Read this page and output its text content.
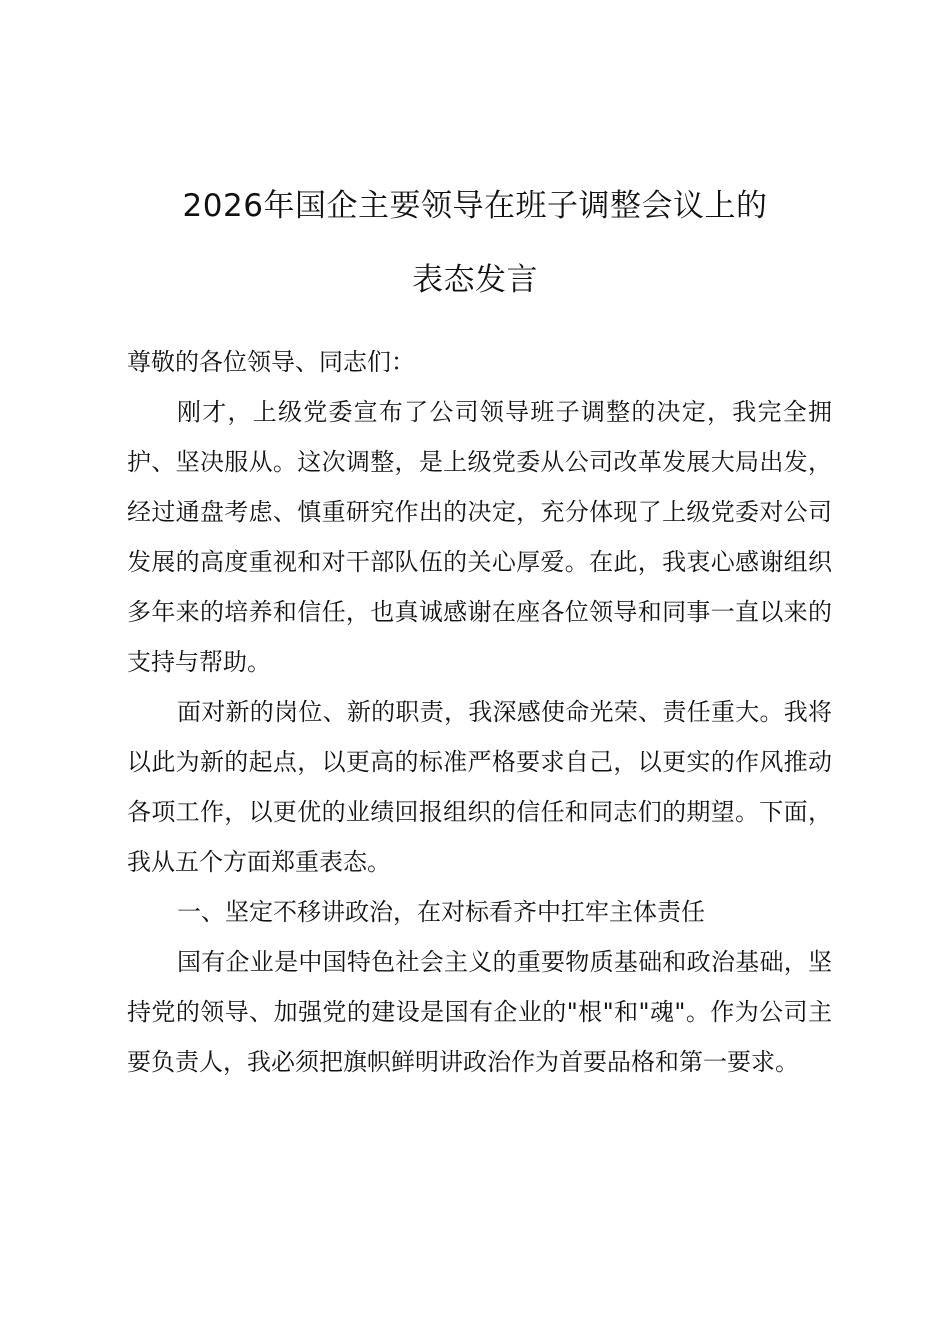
2026年国企主要领导在班子调整会议上的
表态发言

尊敬的各位领导、同志们：

刚才，上级党委宣布了公司领导班子调整的决定，我完全拥护、坚决服从。这次调整，是上级党委从公司改革发展大局出发，经过通盘考虑、慎重研究作出的决定，充分体现了上级党委对公司发展的高度重视和对干部队伍的关心厚爱。在此，我衷心感谢组织多年来的培养和信任，也真诚感谢在座各位领导和同事一直以来的支持与帮助。

面对新的岗位、新的职责，我深感使命光荣、责任重大。我将以此为新的起点，以更高的标准严格要求自己，以更实的作风推动各项工作，以更优的业绩回报组织的信任和同志们的期望。下面，我从五个方面郑重表态。

一、坚定不移讲政治，在对标看齐中扛牢主体责任

国有企业是中国特色社会主义的重要物质基础和政治基础，坚持党的领导、加强党的建设是国有企业的"根"和"魂"。作为公司主要负责人，我必须把旗帜鲜明讲政治作为首要品格和第一要求。
